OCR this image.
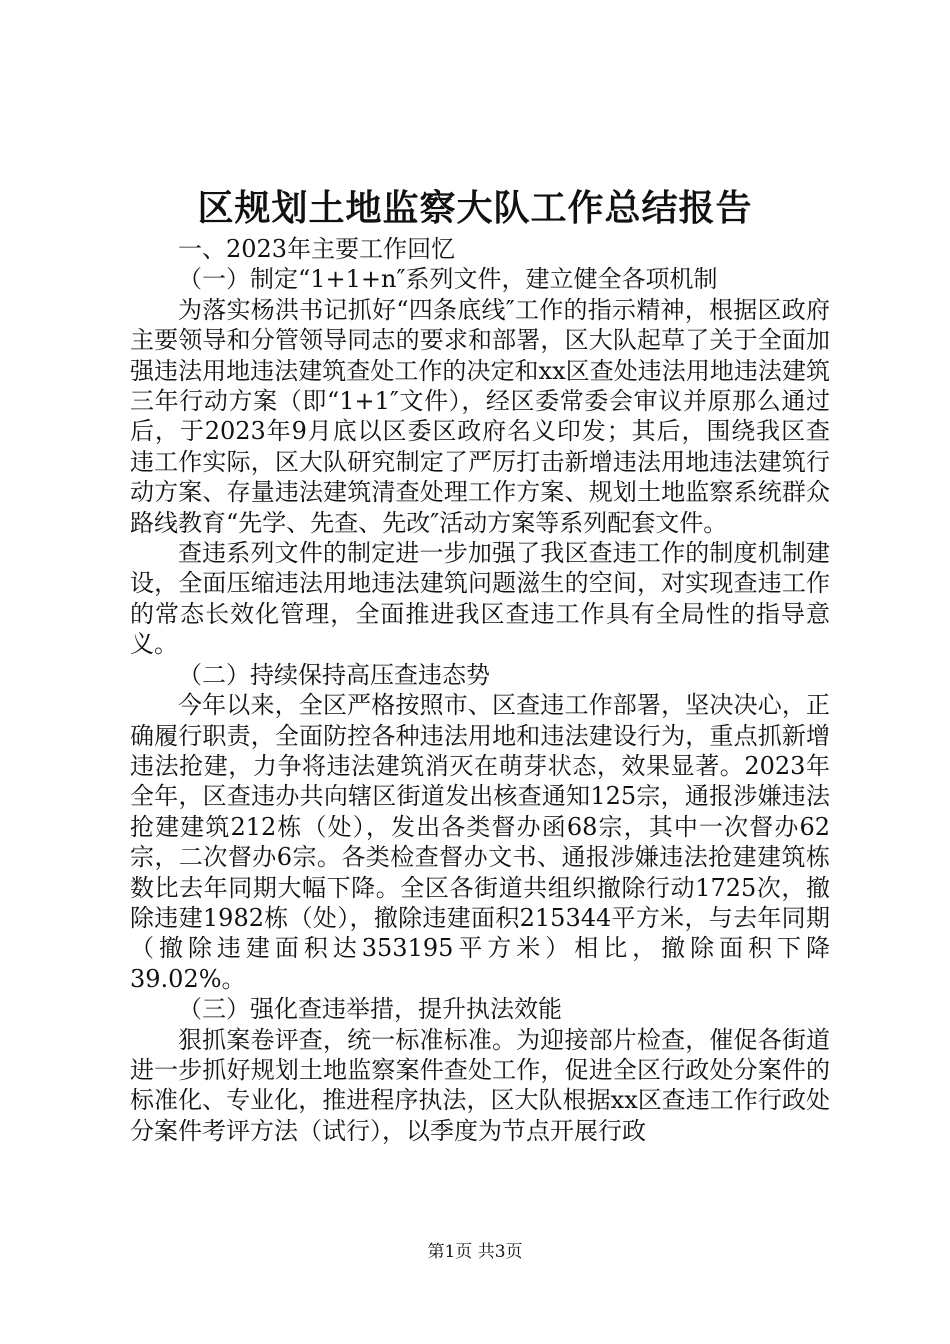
区规划土地监察大队工作总结报告

一、2023年主要工作回忆

（一）制定“1+1+n″系列文件，建立健全各项机制

为落实杨洪书记抓好“四条底线″工作的指示精神，根据区政府主要领导和分管领导同志的要求和部署，区大队起草了关于全面加强违法用地违法建筑查处工作的决定和xx区查处违法用地违法建筑三年行动方案（即“1+1″文件），经区委常委会审议并原那么通过后，于2023年9月底以区委区政府名义印发；其后，围绕我区查违工作实际，区大队研究制定了严厉打击新增违法用地违法建筑行动方案、存量违法建筑清查处理工作方案、规划土地监察系统群众路线教育“先学、先查、先改″活动方案等系列配套文件。

查违系列文件的制定进一步加强了我区查违工作的制度机制建设，全面压缩违法用地违法建筑问题滋生的空间，对实现查违工作的常态长效化管理，全面推进我区查违工作具有全局性的指导意义。

（二）持续保持高压查违态势

今年以来，全区严格按照市、区查违工作部署，坚决决心，正确履行职责，全面防控各种违法用地和违法建设行为，重点抓新增违法抢建，力争将违法建筑消灭在萌芽状态，效果显著。2023年全年，区查违办共向辖区街道发出核查通知125宗，通报涉嫌违法抢建建筑212栋（处），发出各类督办函68宗，其中一次督办62宗，二次督办6宗。各类检查督办文书、通报涉嫌违法抢建建筑栋数比去年同期大幅下降。全区各街道共组织撤除行动1725次，撤除违建1982栋（处），撤除违建面积215344平方米，与去年同期（撤除违建面积达353195平方米）相比，撤除面积下降39.02%。

（三）强化查违举措，提升执法效能

狠抓案卷评查，统一标准标准。为迎接部片检查，催促各街道进一步抓好规划土地监察案件查处工作，促进全区行政处分案件的标准化、专业化，推进程序执法，区大队根据xx区查违工作行政处分案件考评方法（试行），以季度为节点开展行政

第1页 共3页
